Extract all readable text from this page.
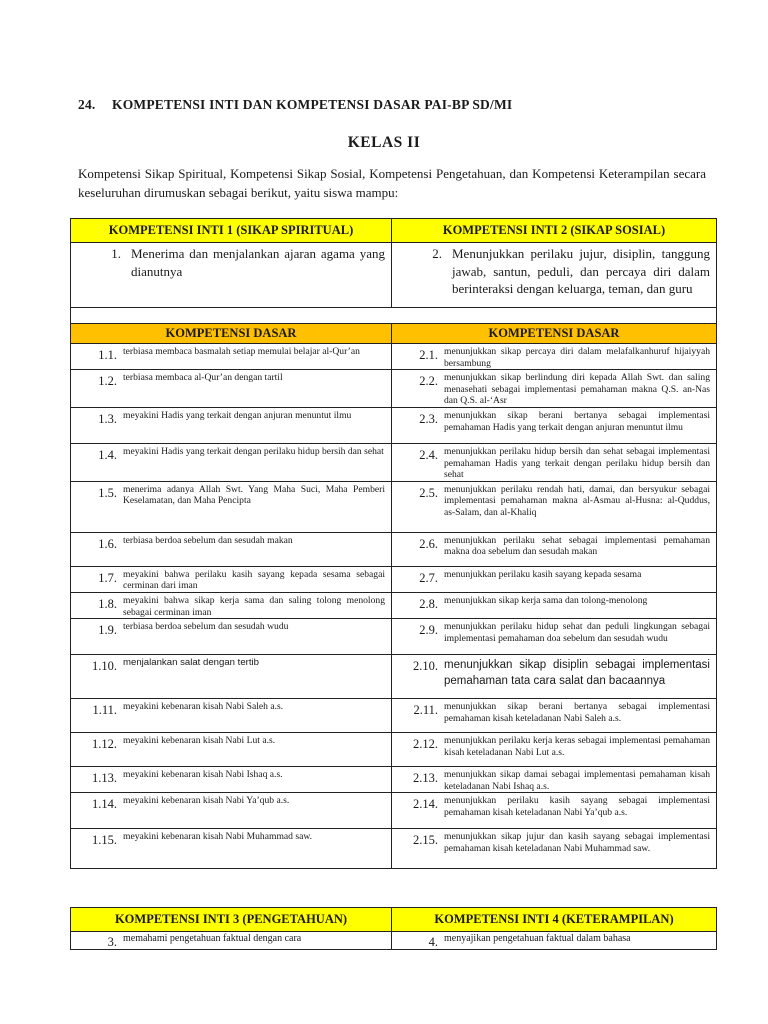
24. KOMPETENSI INTI DAN KOMPETENSI DASAR PAI-BP SD/MI
KELAS II
Kompetensi Sikap Spiritual, Kompetensi Sikap Sosial, Kompetensi Pengetahuan, dan Kompetensi Keterampilan secara keseluruhan dirumuskan sebagai berikut, yaitu siswa mampu:
KOMPETENSI INTI 1 (SIKAP SPIRITUAL)	KOMPETENSI INTI 2 (SIKAP SOSIAL)

1. Menerima dan menjalankan ajaran agama yang dianutnya	2. Menunjukkan perilaku jujur, disiplin, tanggung jawab, santun, peduli, dan percaya diri dalam berinteraksi dengan keluarga, teman, dan guru

KOMPETENSI DASAR	KOMPETENSI DASAR

1.1. terbiasa membaca basmalah setiap memulai belajar al-Qur’an	2.1. menunjukkan sikap percaya diri dalam melafalkanhuruf hijaiyyah bersambung

1.2. terbiasa membaca al-Qur’an dengan tartil	2.2. menunjukkan sikap berlindung diri kepada Allah Swt. dan saling menasehati sebagai implementasi pemahaman makna Q.S. an-Nas dan Q.S. al-‘Asr

1.3. meyakini Hadis yang terkait dengan anjuran menuntut ilmu	2.3. menunjukkan sikap berani bertanya sebagai implementasi pemahaman Hadis yang terkait dengan anjuran menuntut ilmu

1.4. meyakini Hadis yang terkait dengan perilaku hidup bersih dan sehat	2.4. menunjukkan perilaku hidup bersih dan sehat sebagai implementasi pemahaman Hadis yang terkait dengan perilaku hidup bersih dan sehat

1.5. menerima adanya Allah Swt. Yang Maha Suci, Maha Pemberi Keselamatan, dan Maha Pencipta	2.5. menunjukkan perilaku rendah hati, damai, dan bersyukur sebagai implementasi pemahaman makna al-Asmau al-Husna: al-Quddus, as-Salam, dan al-Khaliq

1.6. terbiasa berdoa sebelum dan sesudah makan	2.6. menunjukkan perilaku sehat sebagai implementasi pemahaman makna doa sebelum dan sesudah makan

1.7. meyakini bahwa perilaku kasih sayang kepada sesama sebagai cerminan dari iman	2.7. menunjukkan perilaku kasih sayang kepada sesama

1.8. meyakini bahwa sikap kerja sama dan saling tolong menolong sebagai cerminan iman	2.8. menunjukkan sikap kerja sama dan tolong-menolong

1.9. terbiasa berdoa sebelum dan sesudah wudu	2.9. menunjukkan perilaku hidup sehat dan peduli lingkungan sebagai implementasi pemahaman doa sebelum dan sesudah wudu

1.10. menjalankan salat dengan tertib	2.10. menunjukkan sikap disiplin sebagai implementasi pemahaman tata cara salat dan bacaannya

1.11. meyakini kebenaran kisah Nabi Saleh a.s.	2.11. menunjukkan sikap berani bertanya sebagai implementasi pemahaman kisah keteladanan Nabi Saleh a.s.

1.12. meyakini kebenaran kisah Nabi Lut a.s.	2.12. menunjukkan perilaku kerja keras sebagai implementasi pemahaman kisah keteladanan Nabi Lut a.s.

1.13. meyakini kebenaran kisah Nabi Ishaq a.s.	2.13. menunjukkan sikap damai sebagai implementasi pemahaman kisah keteladanan Nabi Ishaq a.s.

1.14. meyakini kebenaran kisah Nabi Ya’qub a.s.	2.14. menunjukkan perilaku kasih sayang sebagai implementasi pemahaman kisah keteladanan Nabi Ya’qub a.s.

1.15. meyakini kebenaran kisah Nabi Muhammad saw.	2.15. menunjukkan sikap jujur dan kasih sayang sebagai implementasi pemahaman kisah keteladanan Nabi Muhammad saw.
KOMPETENSI INTI 3 (PENGETAHUAN)	KOMPETENSI INTI 4 (KETERAMPILAN)

3. memahami pengetahuan faktual dengan cara	4. menyajikan pengetahuan faktual dalam bahasa
